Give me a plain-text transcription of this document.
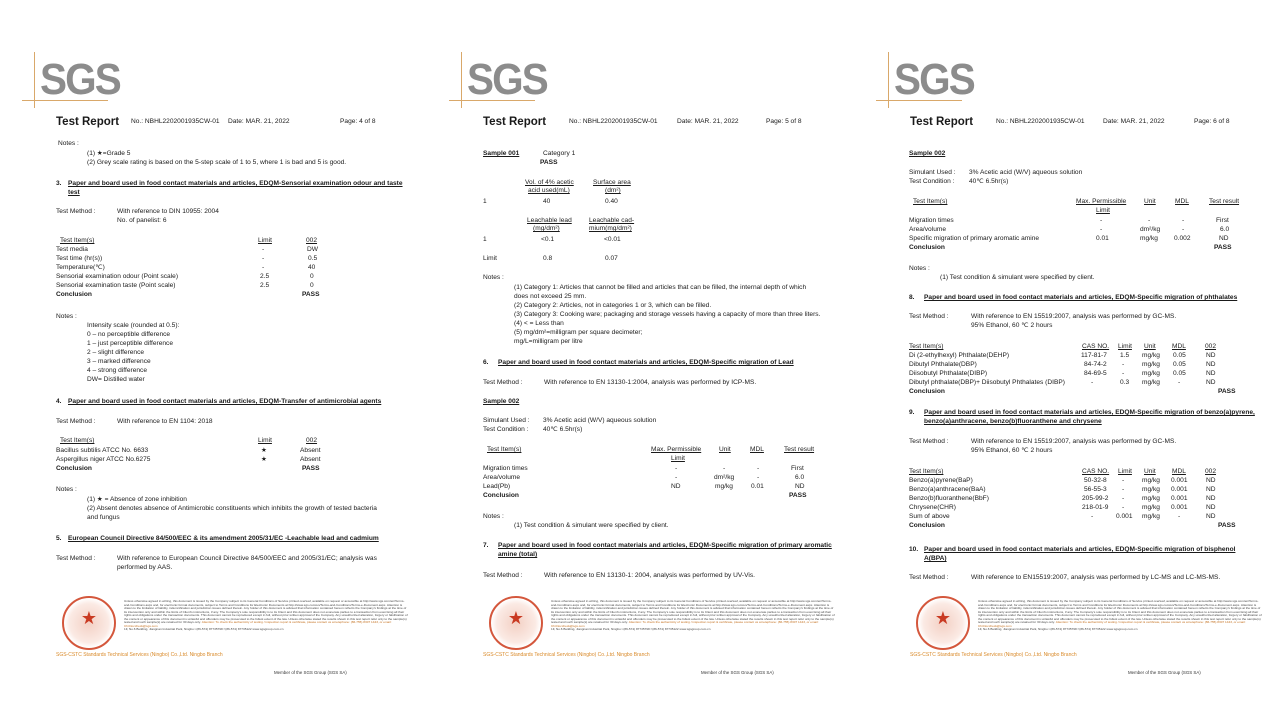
SGS
Test Report No.: NBHL2202001935CW-01 Date: MAR. 21, 2022	Page: 4 of 8
Notes :
(1) ★=Grade 5
(2) Grey scale rating is based on the 5-step scale of 1 to 5, where 1 is bad and 5 is good.
3. Paper and board used in food contact materials and articles, EDQM-Sensorial examination odour and taste
test
Test Method :	With reference to DIN 10955: 2004
No. of panelist: 6
Test Item(s)	Limit	002
Test media	-	DW
Test time (hr(s))	-	0.5
Temperature(℃)	-	40
Sensorial examination odour (Point scale)	2.5	0
Sensorial examination taste (Point scale)	2.5	0
Conclusion	PASS
Notes :
Intensity scale (rounded at 0.5):
0 – no perceptible difference
1 – just perceptible difference
2 – slight difference
3 – marked difference
4 – strong difference
DW= Distilled water
4. Paper and board used in food contact materials and articles, EDQM-Transfer of antimicrobial agents
Test Method :	With reference to EN 1104: 2018
Test Item(s)	Limit	002
Bacillus subtilis ATCC No. 6633	★	Absent
Aspergillus niger ATCC No.6275	★	Absent
Conclusion	PASS
Notes :
(1) ★ = Absence of zone inhibition
(2) Absent denotes absence of Antimicrobic constituents which inhibits the growth of tested bacteria
and fungus
5. European Council Directive 84/500/EEC & its amendment 2005/31/EC -Leachable lead and cadmium
Test Method :	With reference to European Council Directive 84/500/EEC and 2005/31/EC; analysis was
performed by AAS.
★
SGS-CSTC Standards Technical Services (Ningbo) Co.,Ltd. Ningbo Branch
Unless otherwise agreed in writing, this document is issued by the Company subject to its General Conditions of Service printed overleaf, available on request or accessible at http://www.sgs.com/en/Terms-and-Conditions.aspx and, for electronic format documents, subject to Terms and Conditions for Electronic Documents at http://www.sgs.com/en/Terms-and-Conditions/Terms-e-Document.aspx. Attention is drawn to the limitation of liability, indemnification and jurisdiction issues defined therein. Any holder of this document is advised that information contained hereon reflects the Company's findings at the time of its intervention only and within the limits of Client's instructions, if any. The Company's sole responsibility is to its Client and this document does not exonerate parties to a transaction from exercising all their rights and obligations under the transaction documents. This document cannot be reproduced except in full, without prior written approval of the Company. Any unauthorized alteration, forgery or falsification of the content or appearance of this document is unlawful and offenders may be prosecuted to the fullest extent of the law. Unless otherwise stated the results shown in this test report refer only to the sample(s) tested and such sample(s) are retained for 30 days only. Attention: To check the authenticity of testing / inspection report & certificate, please contact us at telephone: (86-755) 8307 1443, or email: CN.Doccheck@sgs.com
1F, No.6 Building, Jiangnan Industrial Park, Ningbo t (86-574) 87735798 f (86-574) 87735122 www.sgsgroup.com.cn
Member of the SGS Group (SGS SA)
SGS
Test Report	No.: NBHL2202001935CW-01	Date: MAR. 21, 2022	Page: 5 of 8
Sample 001	Category 1
PASS
Vol. of 4% acetic
acid used(mL)
Surface area
(dm²)
1	40	0.40
Leachable lead
(mg/dm²)
Leachable cad-
mium(mg/dm²)
1	<0.1	<0.01
Limit	0.8	0.07
Notes :
(1) Category 1: Articles that cannot be filled and articles that can be filled, the internal depth of which
does not exceed 25 mm.
(2) Category 2: Articles, not in categories 1 or 3, which can be filled.
(3) Category 3: Cooking ware; packaging and storage vessels having a capacity of more than three liters.
(4) < = Less than
(5) mg/dm²=milligram per square decimeter;
mg/L=milligram per litre
6. Paper and board used in food contact materials and articles, EDQM-Specific migration of Lead
Test Method :	With reference to EN 13130-1:2004, analysis was performed by ICP-MS.
Sample 002
Simulant Used : 3% Acetic acid (W/V) aqueous solution
Test Condition : 40℃ 6.5hr(s)
Test Item(s)	Max. Permissible
Limit
Unit	MDL	Test result
Migration times	-	-	-	First
Area/volume	-	dm²/kg	-	6.0
Lead(Pb)	ND	mg/kg	0.01	ND
Conclusion	PASS
Notes :
(1) Test condition & simulant were specified by client.
7. Paper and board used in food contact materials and articles, EDQM-Specific migration of primary aromatic
amine (total)
Test Method :	With reference to EN 13130-1: 2004, analysis was performed by UV-Vis.
★
SGS-CSTC Standards Technical Services (Ningbo) Co.,Ltd. Ningbo Branch
Unless otherwise agreed in writing, this document is issued by the Company subject to its General Conditions of Service printed overleaf, available on request or accessible at http://www.sgs.com/en/Terms-and-Conditions.aspx and, for electronic format documents, subject to Terms and Conditions for Electronic Documents at http://www.sgs.com/en/Terms-and-Conditions/Terms-e-Document.aspx. Attention is drawn to the limitation of liability, indemnification and jurisdiction issues defined therein. Any holder of this document is advised that information contained hereon reflects the Company's findings at the time of its intervention only and within the limits of Client's instructions, if any. The Company's sole responsibility is to its Client and this document does not exonerate parties to a transaction from exercising all their rights and obligations under the transaction documents. This document cannot be reproduced except in full, without prior written approval of the Company. Any unauthorized alteration, forgery or falsification of the content or appearance of this document is unlawful and offenders may be prosecuted to the fullest extent of the law. Unless otherwise stated the results shown in this test report refer only to the sample(s) tested and such sample(s) are retained for 30 days only. Attention: To check the authenticity of testing / inspection report & certificate, please contact us at telephone: (86-755) 8307 1443, or email: CN.Doccheck@sgs.com
1F, No.6 Building, Jiangnan Industrial Park, Ningbo t (86-574) 87735798 f (86-574) 87735122 www.sgsgroup.com.cn
Member of the SGS Group (SGS SA)
SGS
Test Report	No.: NBHL2202001935CW-01	Date: MAR. 21, 2022	Page: 6 of 8
Sample 002
Simulant Used : 3% Acetic acid (W/V) aqueous solution
Test Condition : 40℃ 6.5hr(s)
Test Item(s)	Max. Permissible
Limit
Unit	MDL	Test result
Migration times	-	-	-	First
Area/volume	-	dm²/kg	-	6.0
Specific migration of primary aromatic amine	0.01	mg/kg 0.002	ND
Conclusion	PASS
Notes :
(1) Test condition & simulant were specified by client.
8. Paper and board used in food contact materials and articles, EDQM-Specific migration of phthalates
Test Method :	With reference to EN 15519:2007, analysis was performed by GC-MS.
95% Ethanol, 60 ℃ 2 hours
Test Item(s)	CAS NO. Limit Unit MDL	002
Di (2-ethylhexyl) Phthalate(DEHP)	117-81-7 1.5 mg/kg 0.05	ND
Dibutyl Phthalate(DBP)	84-74-2 -	mg/kg 0.05	ND
Diisobutyl Phthalate(DIBP)	84-69-5 -	mg/kg 0.05	ND
Dibutyl phthalate(DBP)+ Diisobutyl Phthalates (DIBP)	-	0.3 mg/kg	-	ND
Conclusion	PASS
9. Paper and board used in food contact materials and articles, EDQM-Specific migration of benzo(a)pyrene,
benzo(a)anthracene, benzo(b)fluoranthene and chrysene
Test Method :	With reference to EN 15519:2007, analysis was performed by GC-MS.
95% Ethanol, 60 ℃ 2 hours
Test Item(s)	CAS NO. Limit Unit MDL	002
Benzo(a)pyrene(BaP)	50-32-8 -	mg/kg 0.001	ND
Benzo(a)anthracene(BaA)	56-55-3 -	mg/kg 0.001	ND
Benzo(b)fluoranthene(BbF)	205-99-2 -	mg/kg 0.001	ND
Chrysene(CHR)	218-01-9 -	mg/kg 0.001	ND
Sum of above	-	0.001 mg/kg	-	ND
Conclusion	PASS
10. Paper and board used in food contact materials and articles, EDQM-Specific migration of bisphenol
A(BPA)
Test Method :	With reference to EN15519:2007, analysis was performed by LC-MS and LC-MS-MS.
★
SGS-CSTC Standards Technical Services (Ningbo) Co.,Ltd. Ningbo Branch
Unless otherwise agreed in writing, this document is issued by the Company subject to its General Conditions of Service printed overleaf, available on request or accessible at http://www.sgs.com/en/Terms-and-Conditions.aspx and, for electronic format documents, subject to Terms and Conditions for Electronic Documents at http://www.sgs.com/en/Terms-and-Conditions/Terms-e-Document.aspx. Attention is drawn to the limitation of liability, indemnification and jurisdiction issues defined therein. Any holder of this document is advised that information contained hereon reflects the Company's findings at the time of its intervention only and within the limits of Client's instructions, if any. The Company's sole responsibility is to its Client and this document does not exonerate parties to a transaction from exercising all their rights and obligations under the transaction documents. This document cannot be reproduced except in full, without prior written approval of the Company. Any unauthorized alteration, forgery or falsification of the content or appearance of this document is unlawful and offenders may be prosecuted to the fullest extent of the law. Unless otherwise stated the results shown in this test report refer only to the sample(s) tested and such sample(s) are retained for 30 days only. Attention: To check the authenticity of testing / inspection report & certificate, please contact us at telephone: (86-755) 8307 1443, or email: CN.Doccheck@sgs.com
1F, No.6 Building, Jiangnan Industrial Park, Ningbo t (86-574) 87735798 f (86-574) 87735122 www.sgsgroup.com.cn
Member of the SGS Group (SGS SA)
